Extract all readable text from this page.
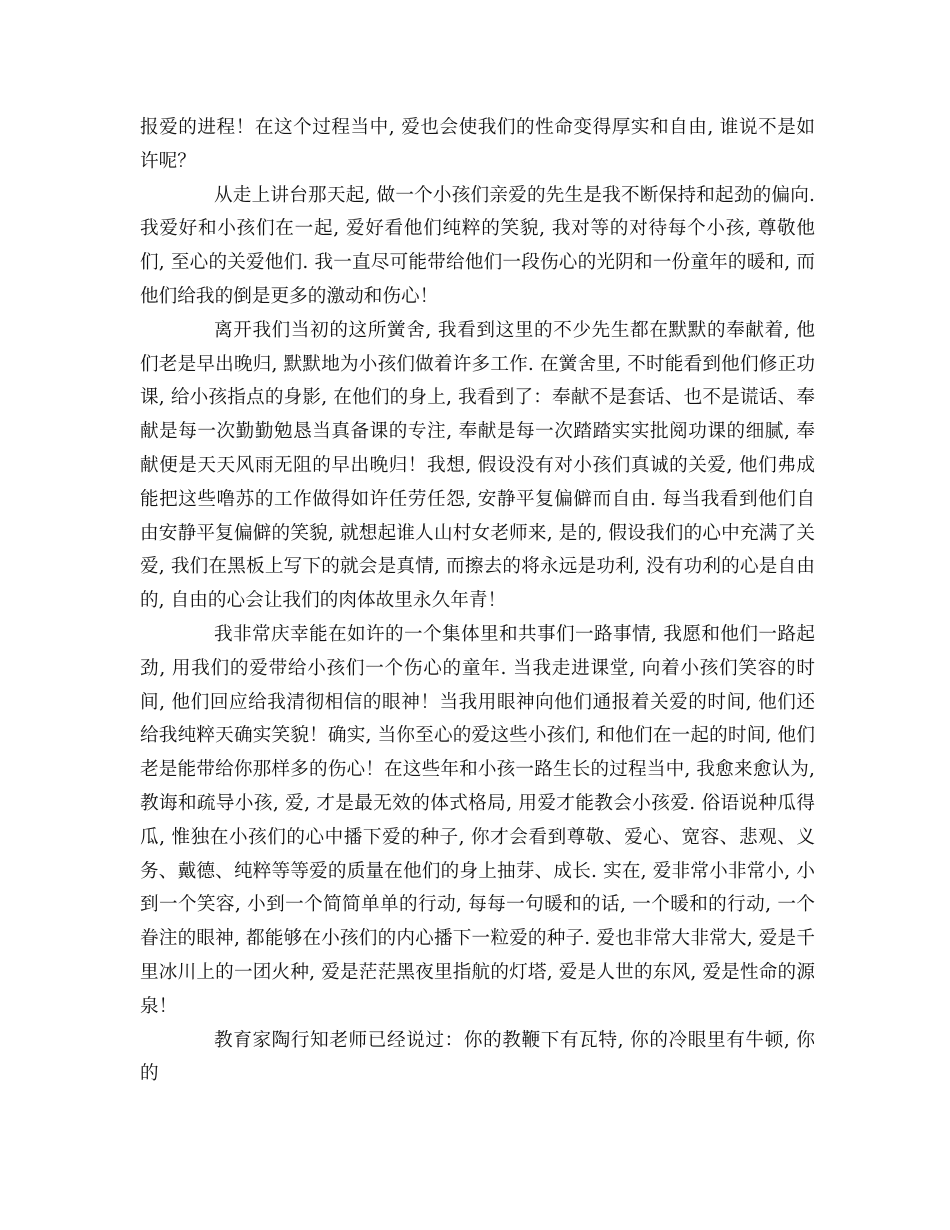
报爱的进程！在这个过程当中, 爱也会使我们的性命变得厚实和自由, 谁说不是如许呢？

从走上讲台那天起, 做一个小孩们亲爱的先生是我不断保持和起劲的偏向. 我爱好和小孩们在一起, 爱好看他们纯粹的笑貌, 我对等的对待每个小孩, 尊敬他们, 至心的关爱他们. 我一直尽可能带给他们一段伤心的光阴和一份童年的暖和, 而他们给我的倒是更多的激动和伤心！

离开我们当初的这所黉舍, 我看到这里的不少先生都在默默的奉献着, 他们老是早出晚归, 默默地为小孩们做着许多工作. 在黉舍里, 不时能看到他们修正功课, 给小孩指点的身影, 在他们的身上, 我看到了：奉献不是套话、也不是谎话、奉献是每一次勤勤勉恳当真备课的专注, 奉献是每一次踏踏实实批阅功课的细腻, 奉献便是天天风雨无阻的早出晚归！我想, 假设没有对小孩们真诚的关爱, 他们弗成能把这些噜苏的工作做得如许任劳任怨, 安静平复偏僻而自由. 每当我看到他们自由安静平复偏僻的笑貌, 就想起谁人山村女老师来, 是的, 假设我们的心中充满了关爱, 我们在黑板上写下的就会是真情, 而擦去的将永远是功利, 没有功利的心是自由的, 自由的心会让我们的肉体故里永久年青！

我非常庆幸能在如许的一个集体里和共事们一路事情, 我愿和他们一路起劲, 用我们的爱带给小孩们一个伤心的童年. 当我走进课堂, 向着小孩们笑容的时间, 他们回应给我清彻相信的眼神！当我用眼神向他们通报着关爱的时间, 他们还给我纯粹天确实笑貌！确实, 当你至心的爱这些小孩们, 和他们在一起的时间, 他们老是能带给你那样多的伤心！在这些年和小孩一路生长的过程当中, 我愈来愈认为, 教诲和疏导小孩, 爱, 才是最无效的体式格局, 用爱才能教会小孩爱. 俗语说种瓜得瓜, 惟独在小孩们的心中播下爱的种子, 你才会看到尊敬、爱心、宽容、悲观、义务、戴德、纯粹等等爱的质量在他们的身上抽芽、成长. 实在, 爱非常小非常小, 小到一个笑容, 小到一个简简单单的行动, 每每一句暖和的话, 一个暖和的行动, 一个眷注的眼神, 都能够在小孩们的内心播下一粒爱的种子. 爱也非常大非常大, 爱是千里冰川上的一团火种, 爱是茫茫黑夜里指航的灯塔, 爱是人世的东风, 爱是性命的源泉！

教育家陶行知老师已经说过：你的教鞭下有瓦特, 你的冷眼里有牛顿, 你的
